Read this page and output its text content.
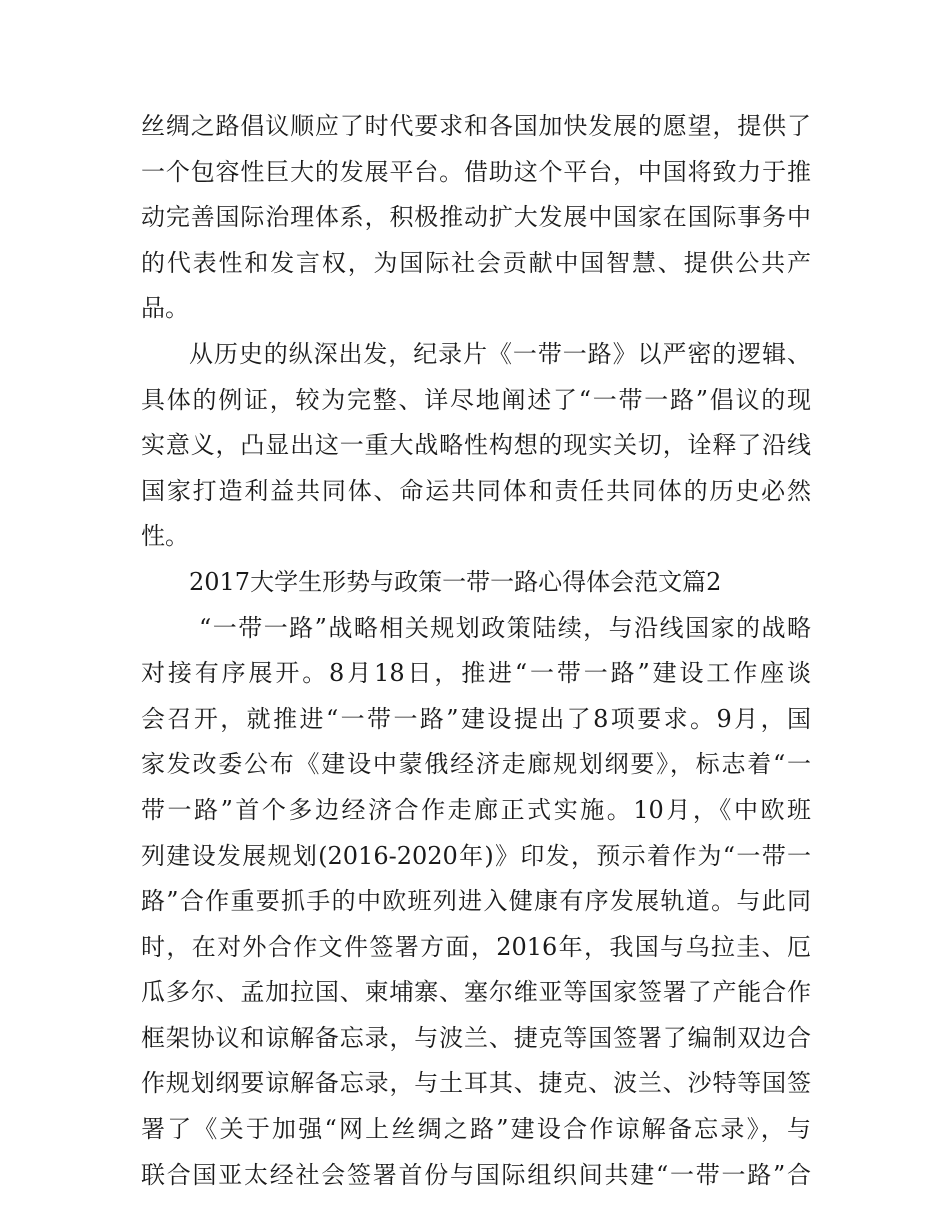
丝绸之路倡议顺应了时代要求和各国加快发展的愿望，提供了
一个包容性巨大的发展平台。借助这个平台，中国将致力于推
动完善国际治理体系，积极推动扩大发展中国家在国际事务中
的代表性和发言权，为国际社会贡献中国智慧、提供公共产
品。
从历史的纵深出发，纪录片《一带一路》以严密的逻辑、
具体的例证，较为完整、详尽地阐述了“一带一路”倡议的现
实意义，凸显出这一重大战略性构想的现实关切，诠释了沿线
国家打造利益共同体、命运共同体和责任共同体的历史必然
性。
2017大学生形势与政策一带一路心得体会范文篇2
“一带一路”战略相关规划政策陆续，与沿线国家的战略
对接有序展开。8月18日，推进“一带一路”建设工作座谈
会召开，就推进“一带一路”建设提出了8项要求。9月，国
家发改委公布《建设中蒙俄经济走廊规划纲要》，标志着“一
带一路”首个多边经济合作走廊正式实施。10月，《中欧班
列建设发展规划(2016-2020年)》印发，预示着作为“一带一
路”合作重要抓手的中欧班列进入健康有序发展轨道。与此同
时，在对外合作文件签署方面，2016年，我国与乌拉圭、厄
瓜多尔、孟加拉国、柬埔寨、塞尔维亚等国家签署了产能合作
框架协议和谅解备忘录，与波兰、捷克等国签署了编制双边合
作规划纲要谅解备忘录，与土耳其、捷克、波兰、沙特等国签
署了《关于加强“网上丝绸之路”建设合作谅解备忘录》，与
联合国亚太经社会签署首份与国际组织间共建“一带一路”合
